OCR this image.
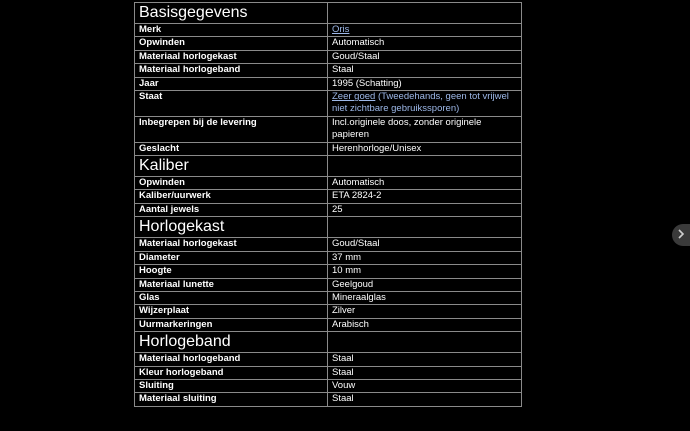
Basisgegevens	
Merk	Oris
Opwinden	Automatisch
Materiaal horlogekast	Goud/Staal
Materiaal horlogeband	Staal
Jaar	1995 (Schatting)
Staat	Zeer goed (Tweedehands, geen tot vrijwel niet zichtbare gebruikssporen)
Inbegrepen bij de levering	Incl.originele doos, zonder originele papieren
Geslacht	Herenhorloge/Unisex
Kaliber	
Opwinden	Automatisch
Kaliber/uurwerk	ETA 2824-2
Aantal jewels	25
Horlogekast	
Materiaal horlogekast	Goud/Staal
Diameter	37 mm
Hoogte	10 mm
Materiaal lunette	Geelgoud
Glas	Mineraalglas
Wijzerplaat	Zilver
Uurmarkeringen	Arabisch
Horlogeband	
Materiaal horlogeband	Staal
Kleur horlogeband	Staal
Sluiting	Vouw
Materiaal sluiting	Staal
